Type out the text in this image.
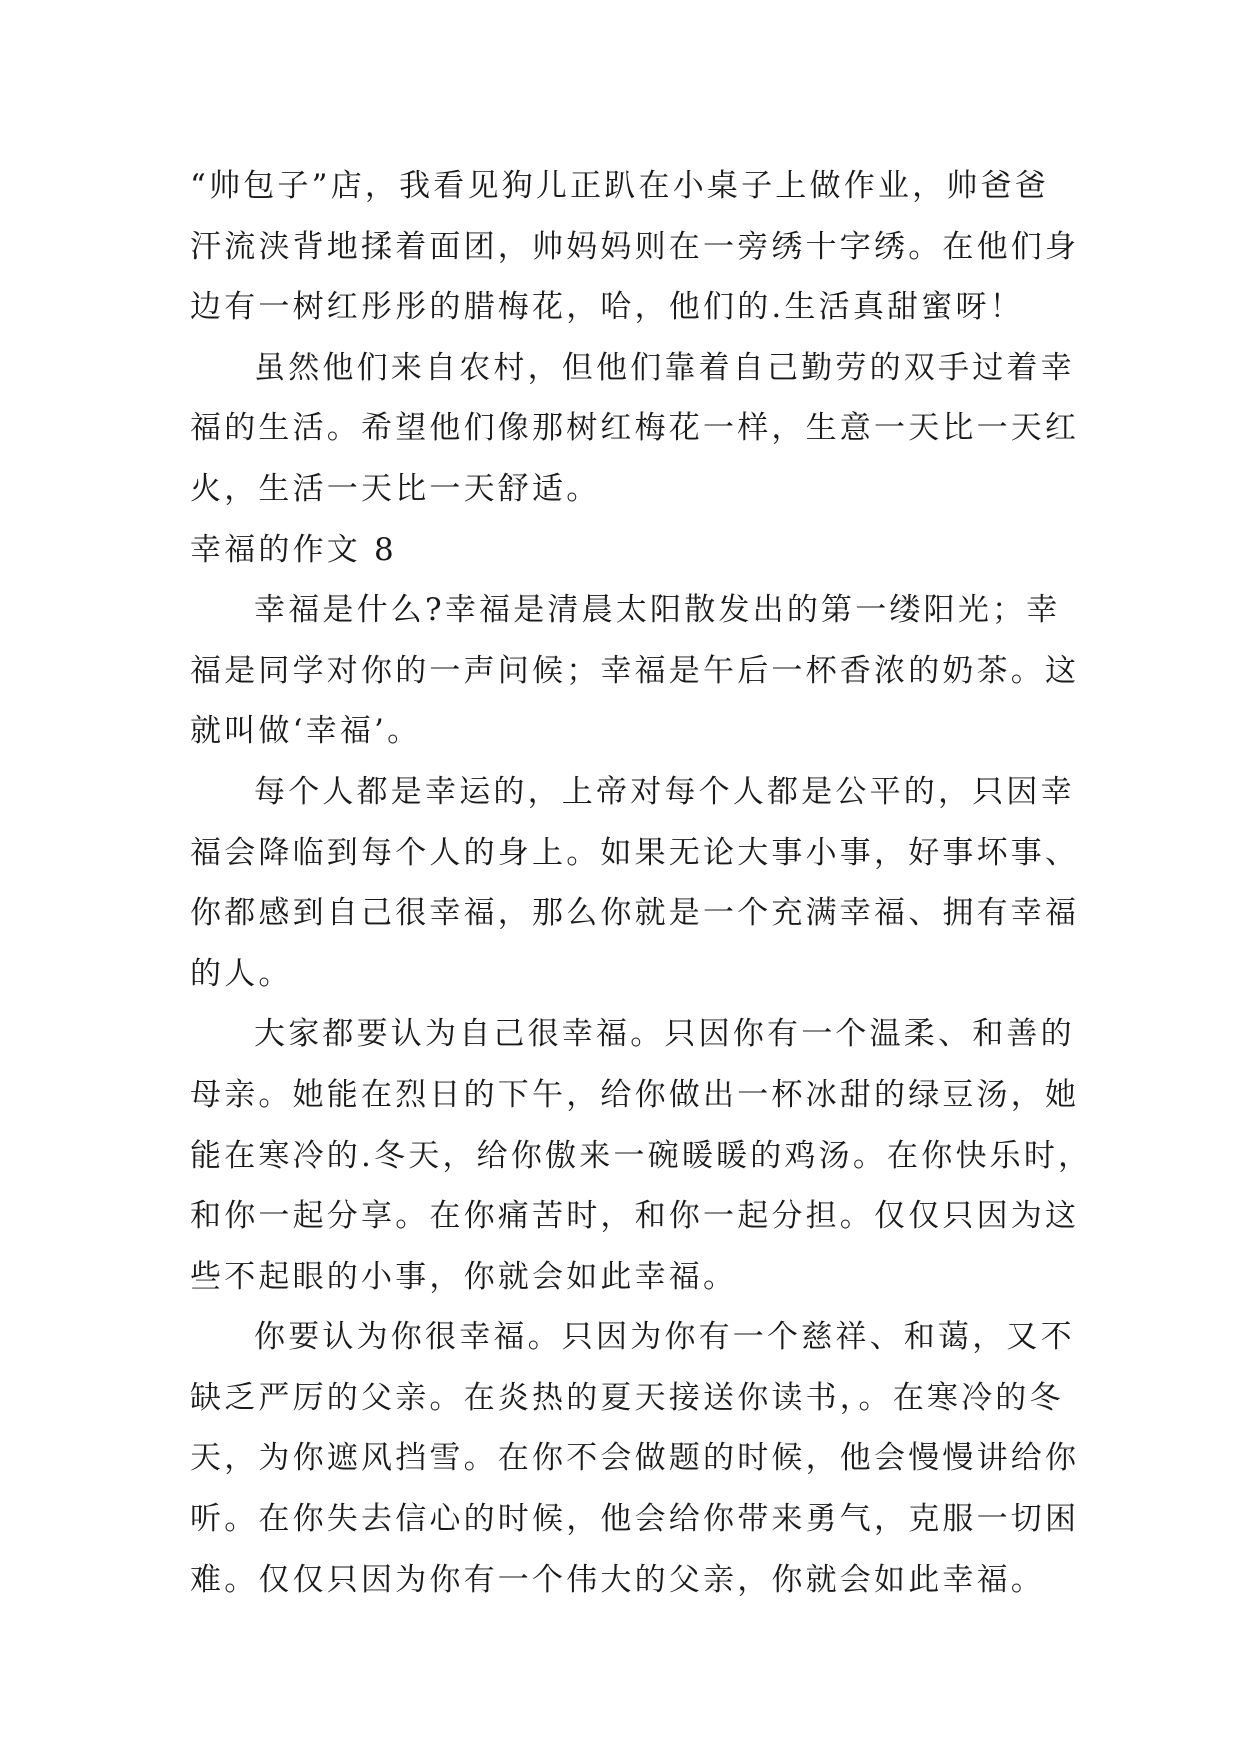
“帅包子”店，我看见狗儿正趴在小桌子上做作业，帅爸爸
汗流浃背地揉着面团，帅妈妈则在一旁绣十字绣。在他们身
边有一树红彤彤的腊梅花，哈，他们的.生活真甜蜜呀！
虽然他们来自农村，但他们靠着自己勤劳的双手过着幸
福的生活。希望他们像那树红梅花一样，生意一天比一天红
火，生活一天比一天舒适。
幸福的作文 8
幸福是什么?幸福是清晨太阳散发出的第一缕阳光；幸
福是同学对你的一声问候；幸福是午后一杯香浓的奶茶。这
就叫做‘幸福’。
每个人都是幸运的，上帝对每个人都是公平的，只因幸
福会降临到每个人的身上。如果无论大事小事，好事坏事、
你都感到自己很幸福，那么你就是一个充满幸福、拥有幸福
的人。
大家都要认为自己很幸福。只因你有一个温柔、和善的
母亲。她能在烈日的下午，给你做出一杯冰甜的绿豆汤，她
能在寒冷的.冬天，给你傲来一碗暖暖的鸡汤。在你快乐时，
和你一起分享。在你痛苦时，和你一起分担。仅仅只因为这
些不起眼的小事，你就会如此幸福。
你要认为你很幸福。只因为你有一个慈祥、和蔼，又不
缺乏严厉的父亲。在炎热的夏天接送你读书，。在寒冷的冬
天，为你遮风挡雪。在你不会做题的时候，他会慢慢讲给你
听。在你失去信心的时候，他会给你带来勇气，克服一切困
难。仅仅只因为你有一个伟大的父亲，你就会如此幸福。
